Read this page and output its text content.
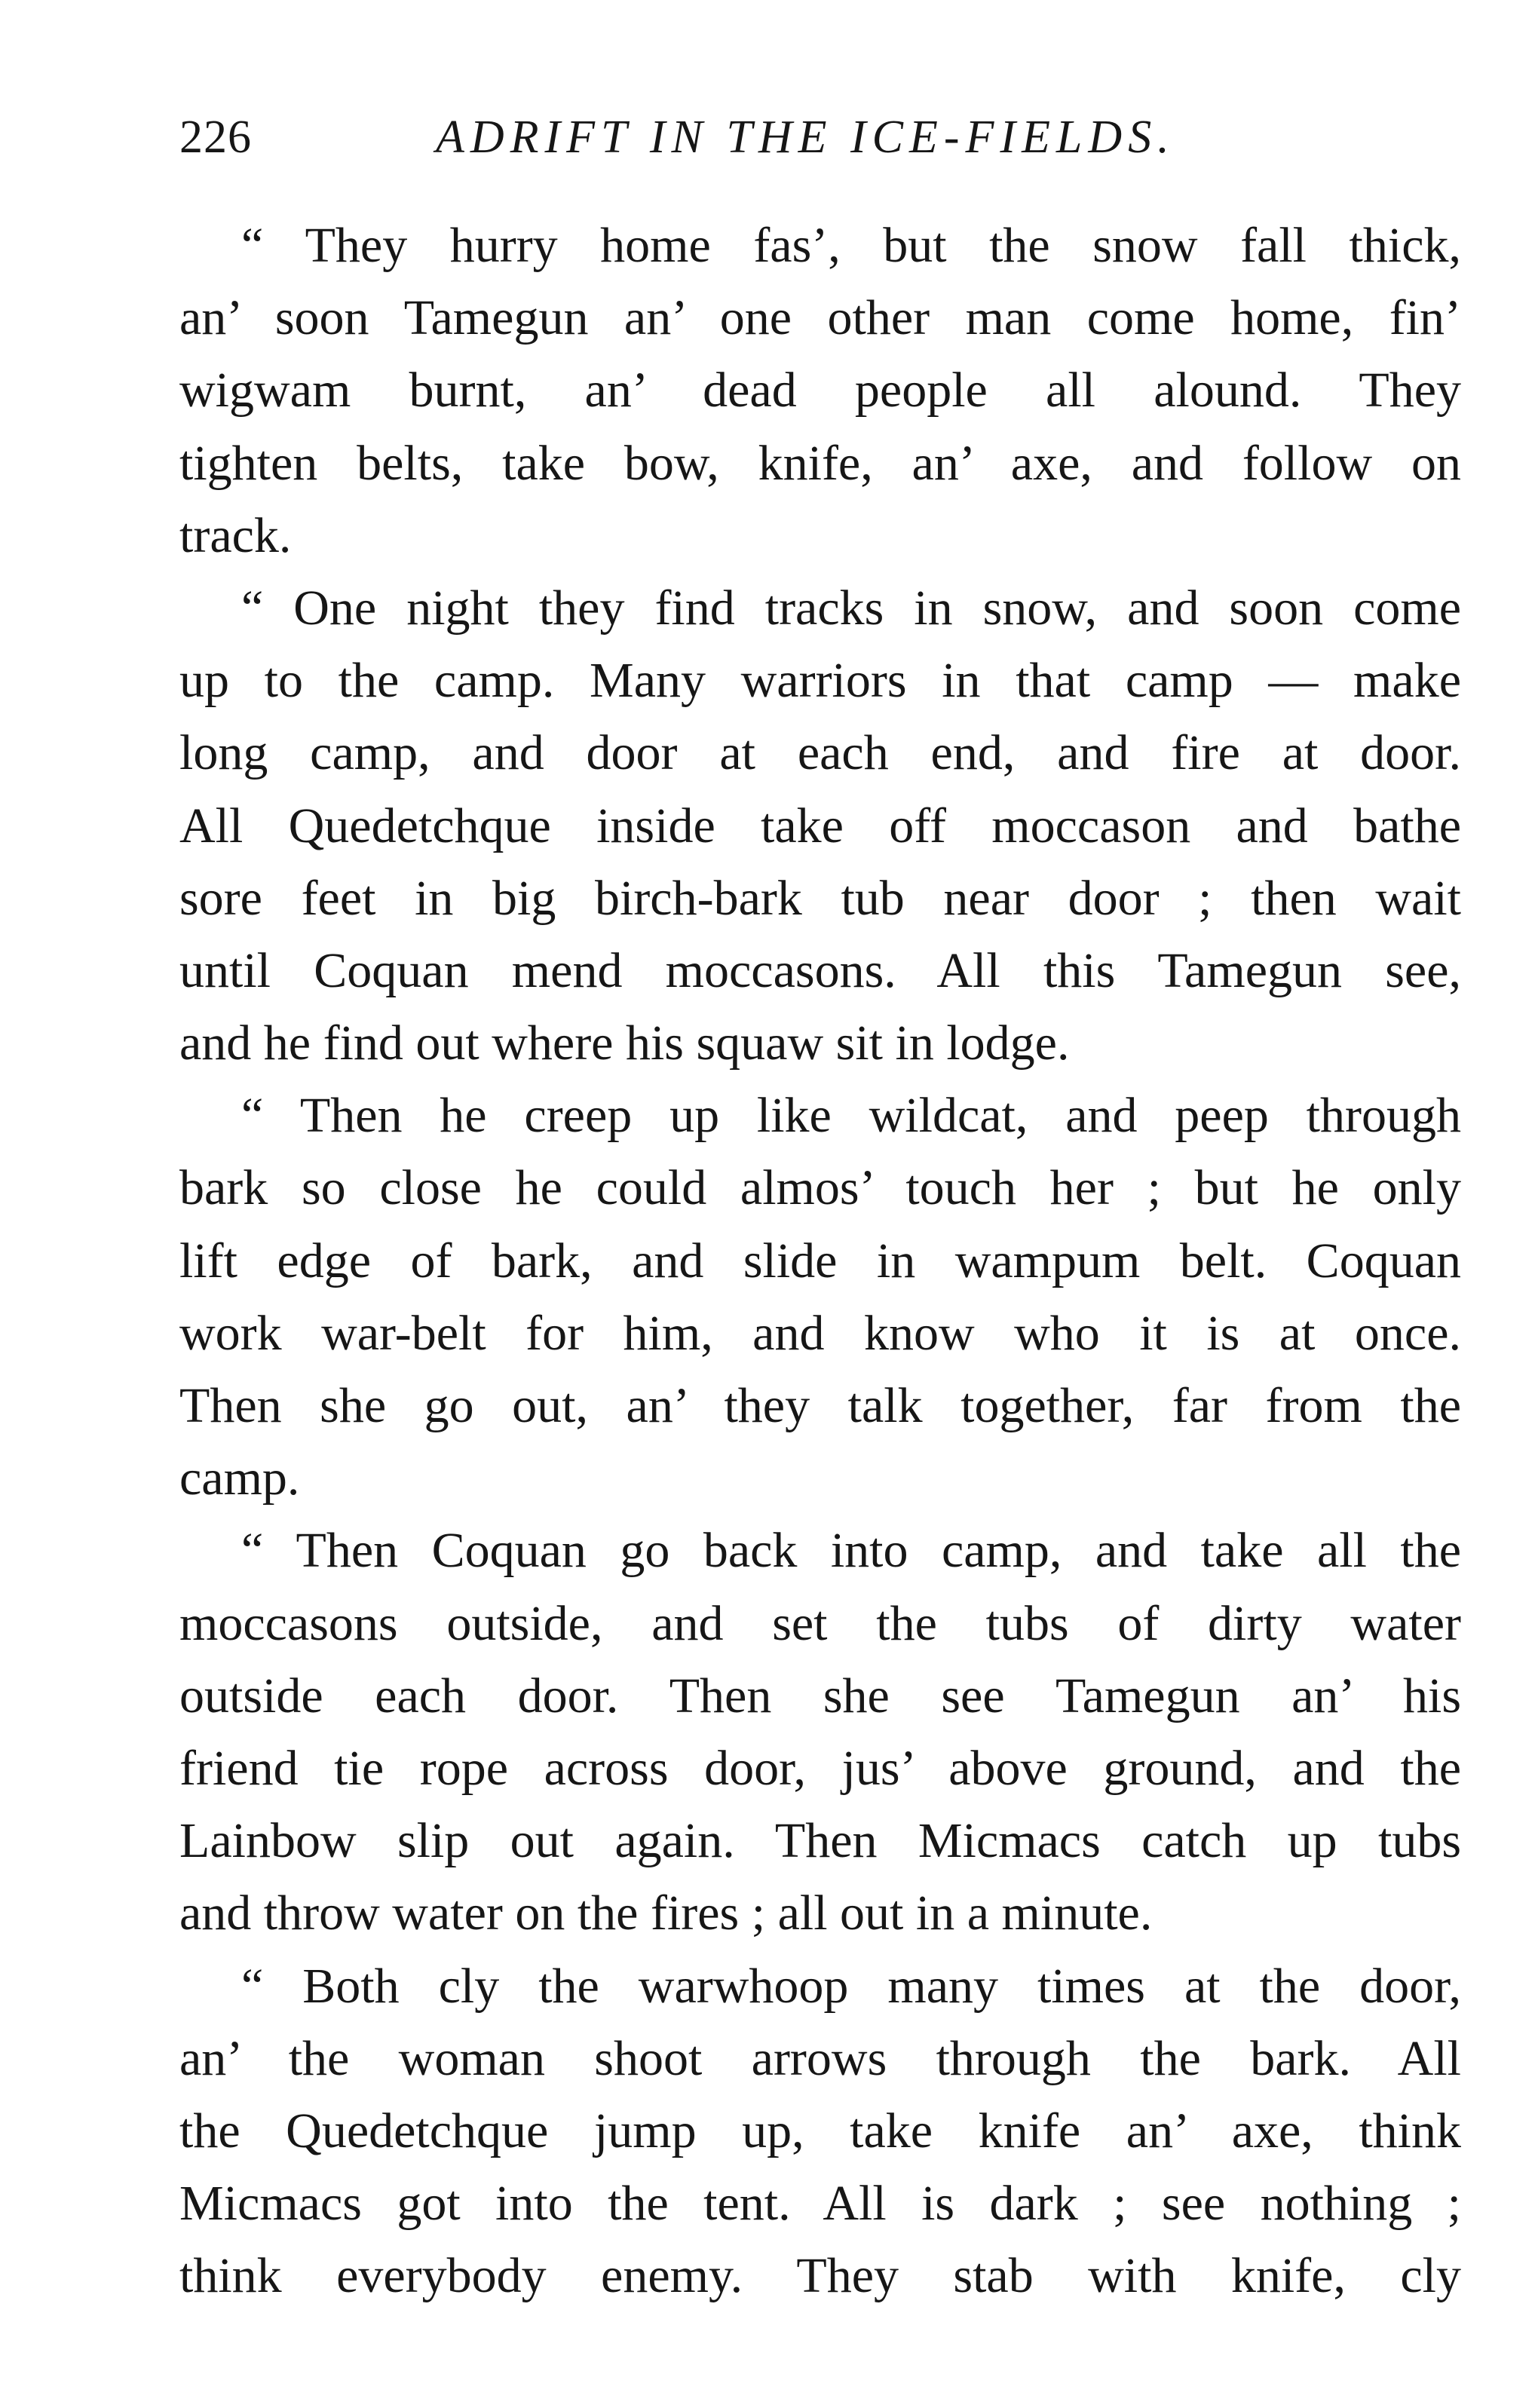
226	ADRIFT IN THE ICE-FIELDS.
“ They hurry home fas’, but the snow fall thick,
an’ soon Tamegun an’ one other man come home, fin’
wigwam burnt, an’ dead people all alound. They
tighten belts, take bow, knife, an’ axe, and follow on
track.
“ One night they find tracks in snow, and soon come
up to the camp. Many warriors in that camp — make
long camp, and door at each end, and fire at door.
All Quedetchque inside take off moccason and bathe
sore feet in big birch-bark tub near door ; then wait
until Coquan mend moccasons. All this Tamegun see,
and he find out where his squaw sit in lodge.
“ Then he creep up like wildcat, and peep through
bark so close he could almos’ touch her ; but he only
lift edge of bark, and slide in wampum belt. Coquan
work war-belt for him, and know who it is at once.
Then she go out, an’ they talk together, far from the
camp.
“ Then Coquan go back into camp, and take all the
moccasons outside, and set the tubs of dirty water
outside each door. Then she see Tamegun an’ his
friend tie rope across door, jus’ above ground, and the
Lainbow slip out again. Then Micmacs catch up tubs
and throw water on the fires ; all out in a minute.
“ Both cly the warwhoop many times at the door,
an’ the woman shoot arrows through the bark. All
the Quedetchque jump up, take knife an’ axe, think
Micmacs got into the tent. All is dark ; see nothing ;
think everybody enemy. They stab with knife, cly
